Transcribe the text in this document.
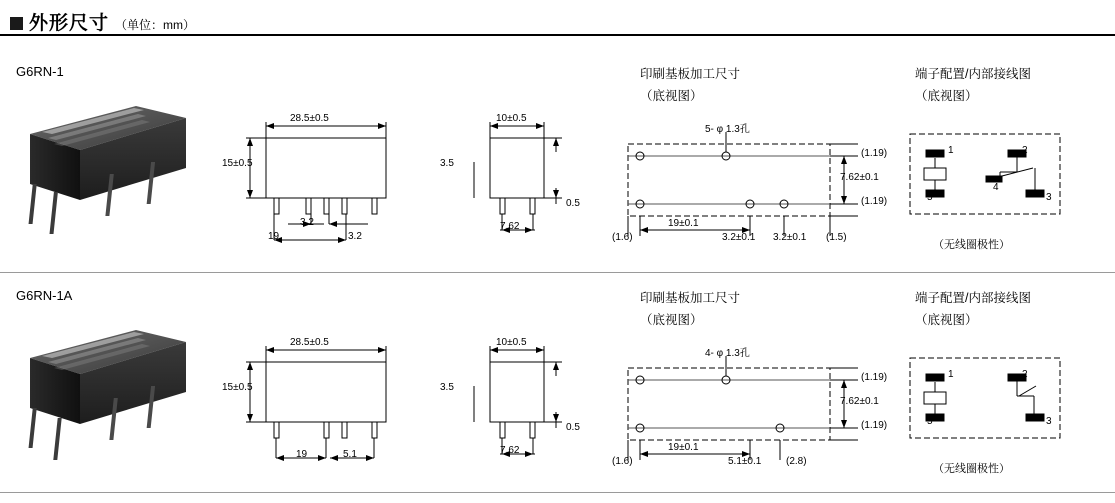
外形尺寸 （单位：mm）
G6RN-1	印刷基板加工尺寸
（底视图）
端子配置/内部接线图
（底视图）
28.5±0.5
15±0.5
3.2
3.2
19
10±0.5
3.5
0.5
7.62
5- φ 1.3孔
(1.19)
7.62±0.1
(1.19)
(1.6)
19±0.1
3.2±0.1 3.2±0.1 (1.5)
1	2
4
3
5
（无线圈极性）
G6RN-1A	印刷基板加工尺寸
（底视图）
端子配置/内部接线图
（底视图）
28.5±0.5
15±0.5
19	5.1
10±0.5
3.5
0.5
7.62
4- φ 1.3孔
(1.19)
7.62±0.1
(1.19)
(1.6)
19±0.1
5.1±0.1 (2.8)
1	2
5	3
（无线圈极性）
